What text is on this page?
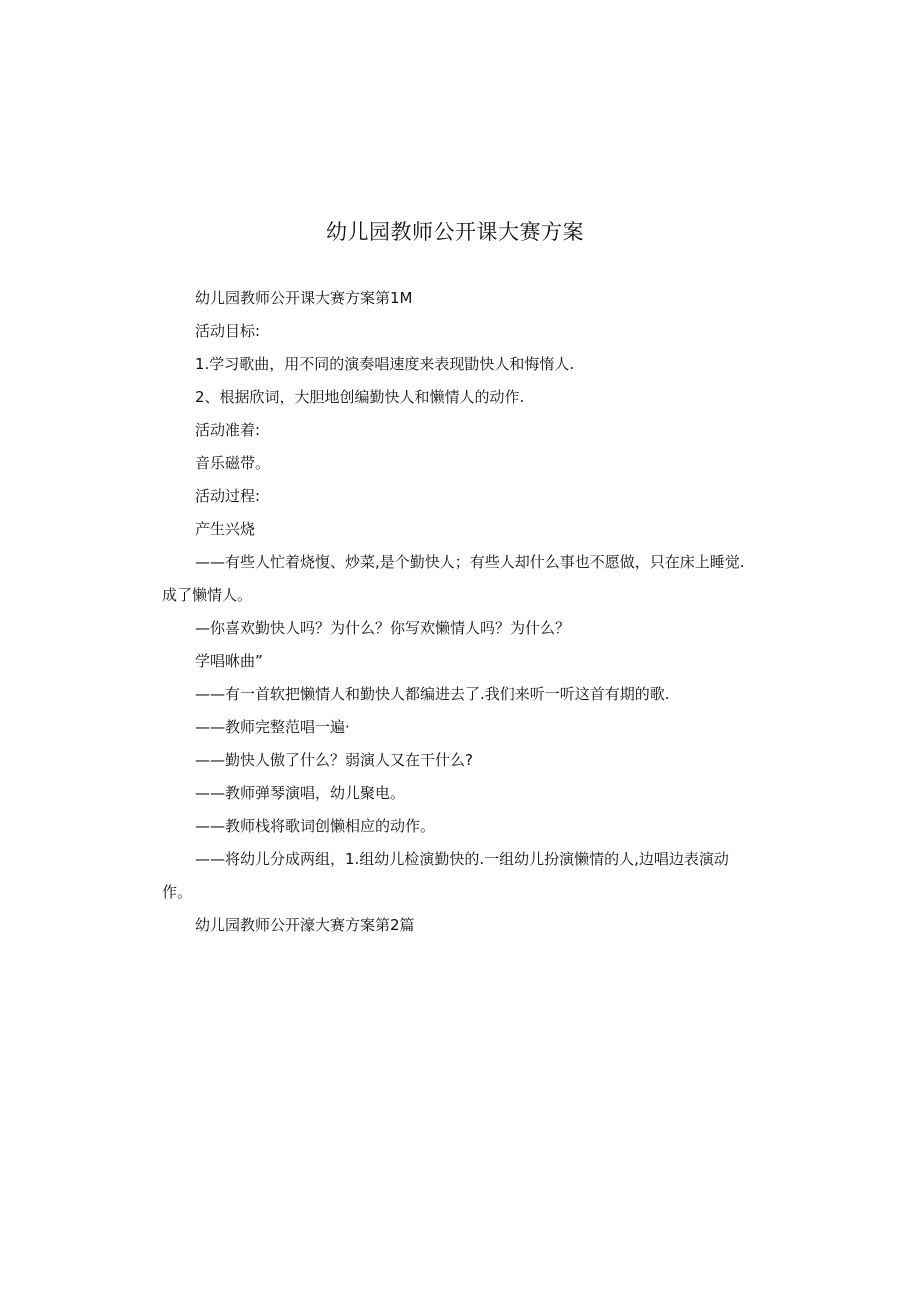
幼儿园教师公开课大赛方案

幼儿园教师公开课大赛方案第1M

活动目标:

1.学习歌曲，用不同的演奏唱速度来表现勖快人和悔惰人.

2、根据欣词，大胆地创编勤快人和懒情人的动作.

活动准着:

音乐磁带。

活动过程:

产生兴烧

——有些人忙着烧愎、炒菜,是个勤快人；有些人却什么事也不愿做，只在床上睡觉.成了懒情人。

—你喜欢勤快人吗？为什么？你写欢懒情人吗？为什么？

学唱咻曲”

——有一首软把懒情人和勤快人都编进去了.我们来听一听这首有期的歌.

——教师完整范唱一遍·

——勤快人傲了什么？弱演人又在干什么?

——教师弹琴演唱，幼儿聚电。

——教师栈将歌词创懒相应的动作。

——将幼儿分成两组，1.组幼儿检演勤快的.一组幼儿扮演懒情的人,边唱边表演动作。

幼儿园教师公开濠大赛方案第2篇
